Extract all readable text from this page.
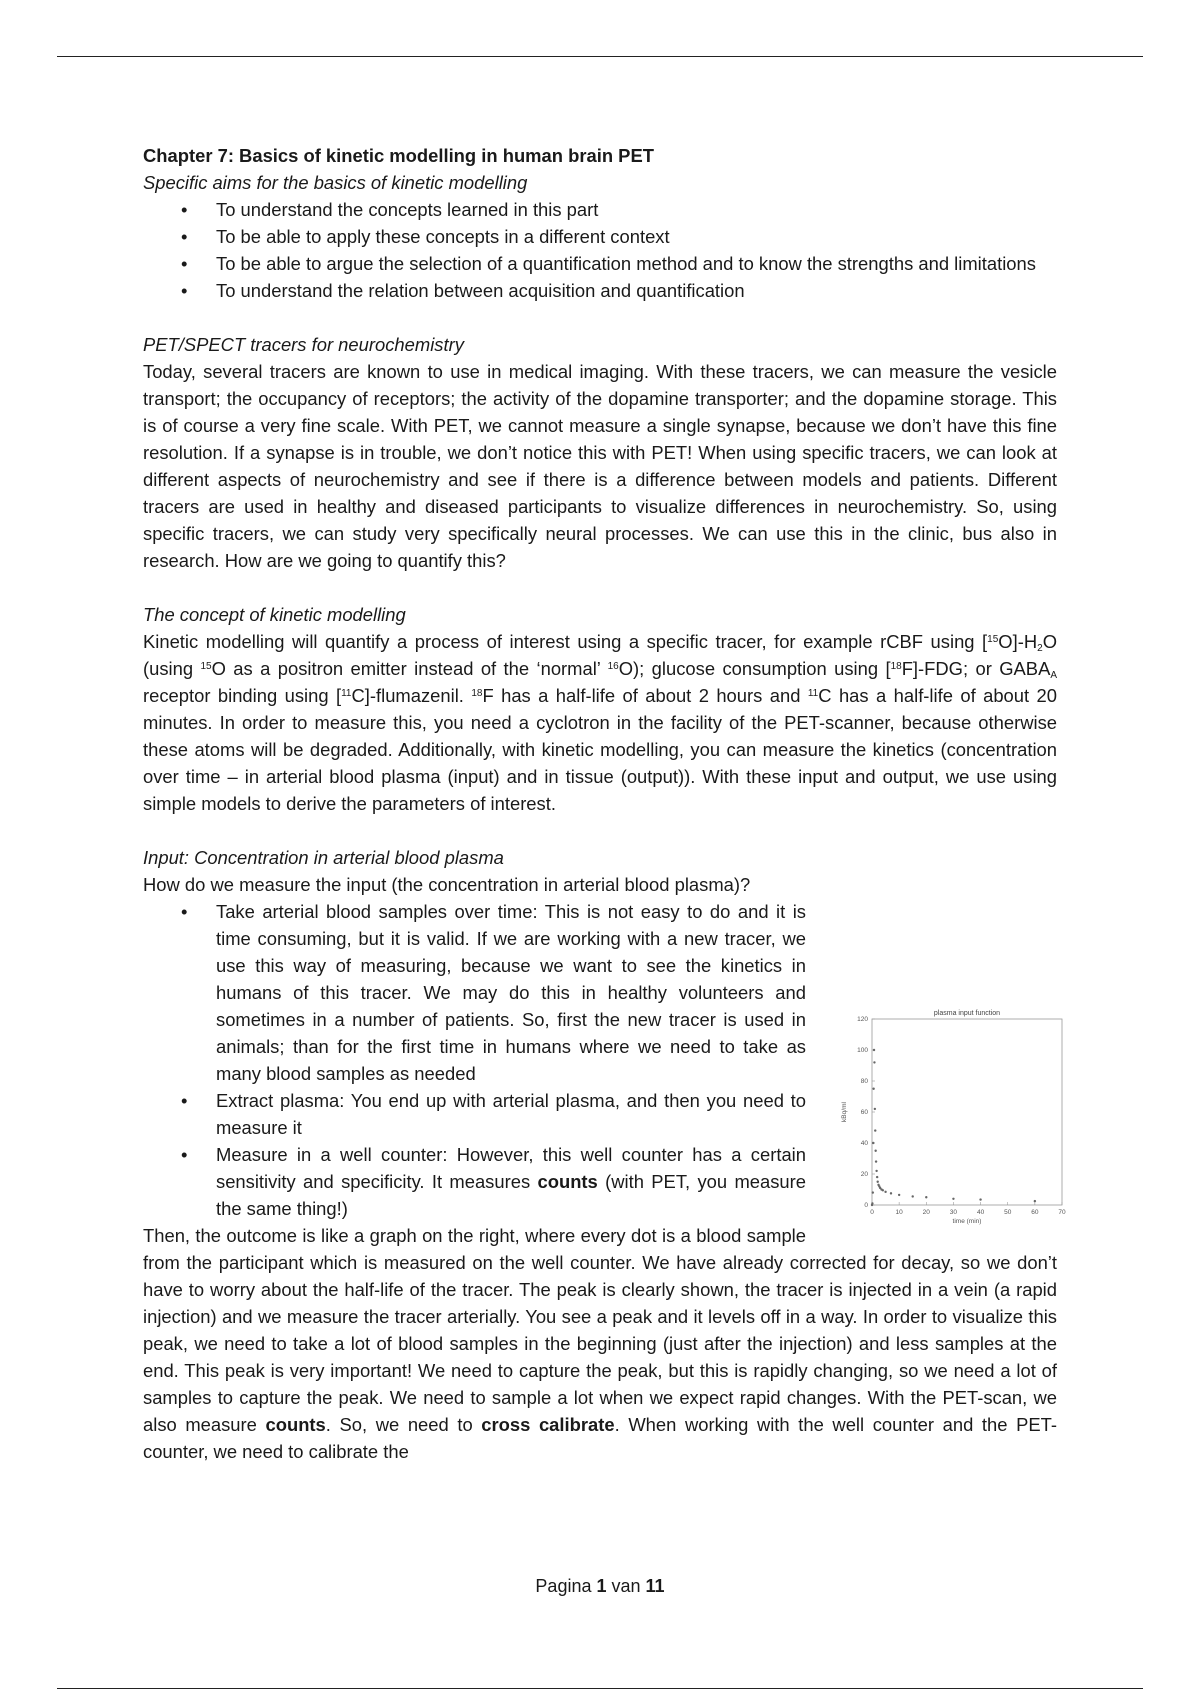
Chapter 7: Basics of kinetic modelling in human brain PET

Specific aims for the basics of kinetic modelling

• To understand the concepts learned in this part
• To be able to apply these concepts in a different context
• To be able to argue the selection of a quantification method and to know the strengths and limitations
• To understand the relation between acquisition and quantification

PET/SPECT tracers for neurochemistry

Today, several tracers are known to use in medical imaging. With these tracers, we can measure the vesicle transport; the occupancy of receptors; the activity of the dopamine transporter; and the dopamine storage. This is of course a very fine scale. With PET, we cannot measure a single synapse, because we don’t have this fine resolution. If a synapse is in trouble, we don’t notice this with PET! When using specific tracers, we can look at different aspects of neurochemistry and see if there is a difference between models and patients. Different tracers are used in healthy and diseased participants to visualize differences in neurochemistry. So, using specific tracers, we can study very specifically neural processes. We can use this in the clinic, bus also in research. How are we going to quantify this?

The concept of kinetic modelling

Kinetic modelling will quantify a process of interest using a specific tracer, for example rCBF using $[^{15}O]-H_2O$ (using $^{15}$O as a positron emitter instead of the ‘normal’ $^{16}$O); glucose consumption using [$^{18}$F]-FDG; or $GABA_A$ receptor binding using [$^{11}$C]-flumazenil. $^{18}$F has a half-life of about 2 hours and $^{11}$C has a half-life of about 20 minutes. In order to measure this, you need a cyclotron in the facility of the PET-scanner, because otherwise these atoms will be degraded. Additionally, with kinetic modelling, you can measure the kinetics (concentration over time – in arterial blood plasma (input) and in tissue (output)). With these input and output, we use using simple models to derive the parameters of interest.

Input: Concentration in arterial blood plasma

How do we measure the input (the concentration in arterial blood plasma)?

plasma input function
0	10	20	30	40	50	60	70
0
20
40
60
80
100
120
time (min)
kBq/ml
• Take arterial blood samples over time: This is not easy to do and it is time consuming, but it is valid. If we are working with a new tracer, we use this way of measuring, because we want to see the kinetics in humans of this tracer. We may do this in healthy volunteers and sometimes in a number of patients. So, first the new tracer is used in animals; than for the first time in humans where we need to take as many blood samples as needed
• Extract plasma: You end up with arterial plasma, and then you need to measure it
• Measure in a well counter: However, this well counter has a certain sensitivity and specificity. It measures counts (with PET, you measure the same thing!)

Then, the outcome is like a graph on the right, where every dot is a blood sample from the participant which is measured on the well counter. We have already corrected for decay, so we don’t have to worry about the half-life of the tracer. The peak is clearly shown, the tracer is injected in a vein (a rapid injection) and we measure the tracer arterially. You see a peak and it levels off in a way. In order to visualize this peak, we need to take a lot of blood samples in the beginning (just after the injection) and less samples at the end. This peak is very important! We need to capture the peak, but this is rapidly changing, so we need a lot of samples to capture the peak. We need to sample a lot when we expect rapid changes. With the PET-scan, we also measure counts. So, we need to cross calibrate. When working with the well counter and the PET-counter, we need to calibrate the

Pagina 1 van 11
